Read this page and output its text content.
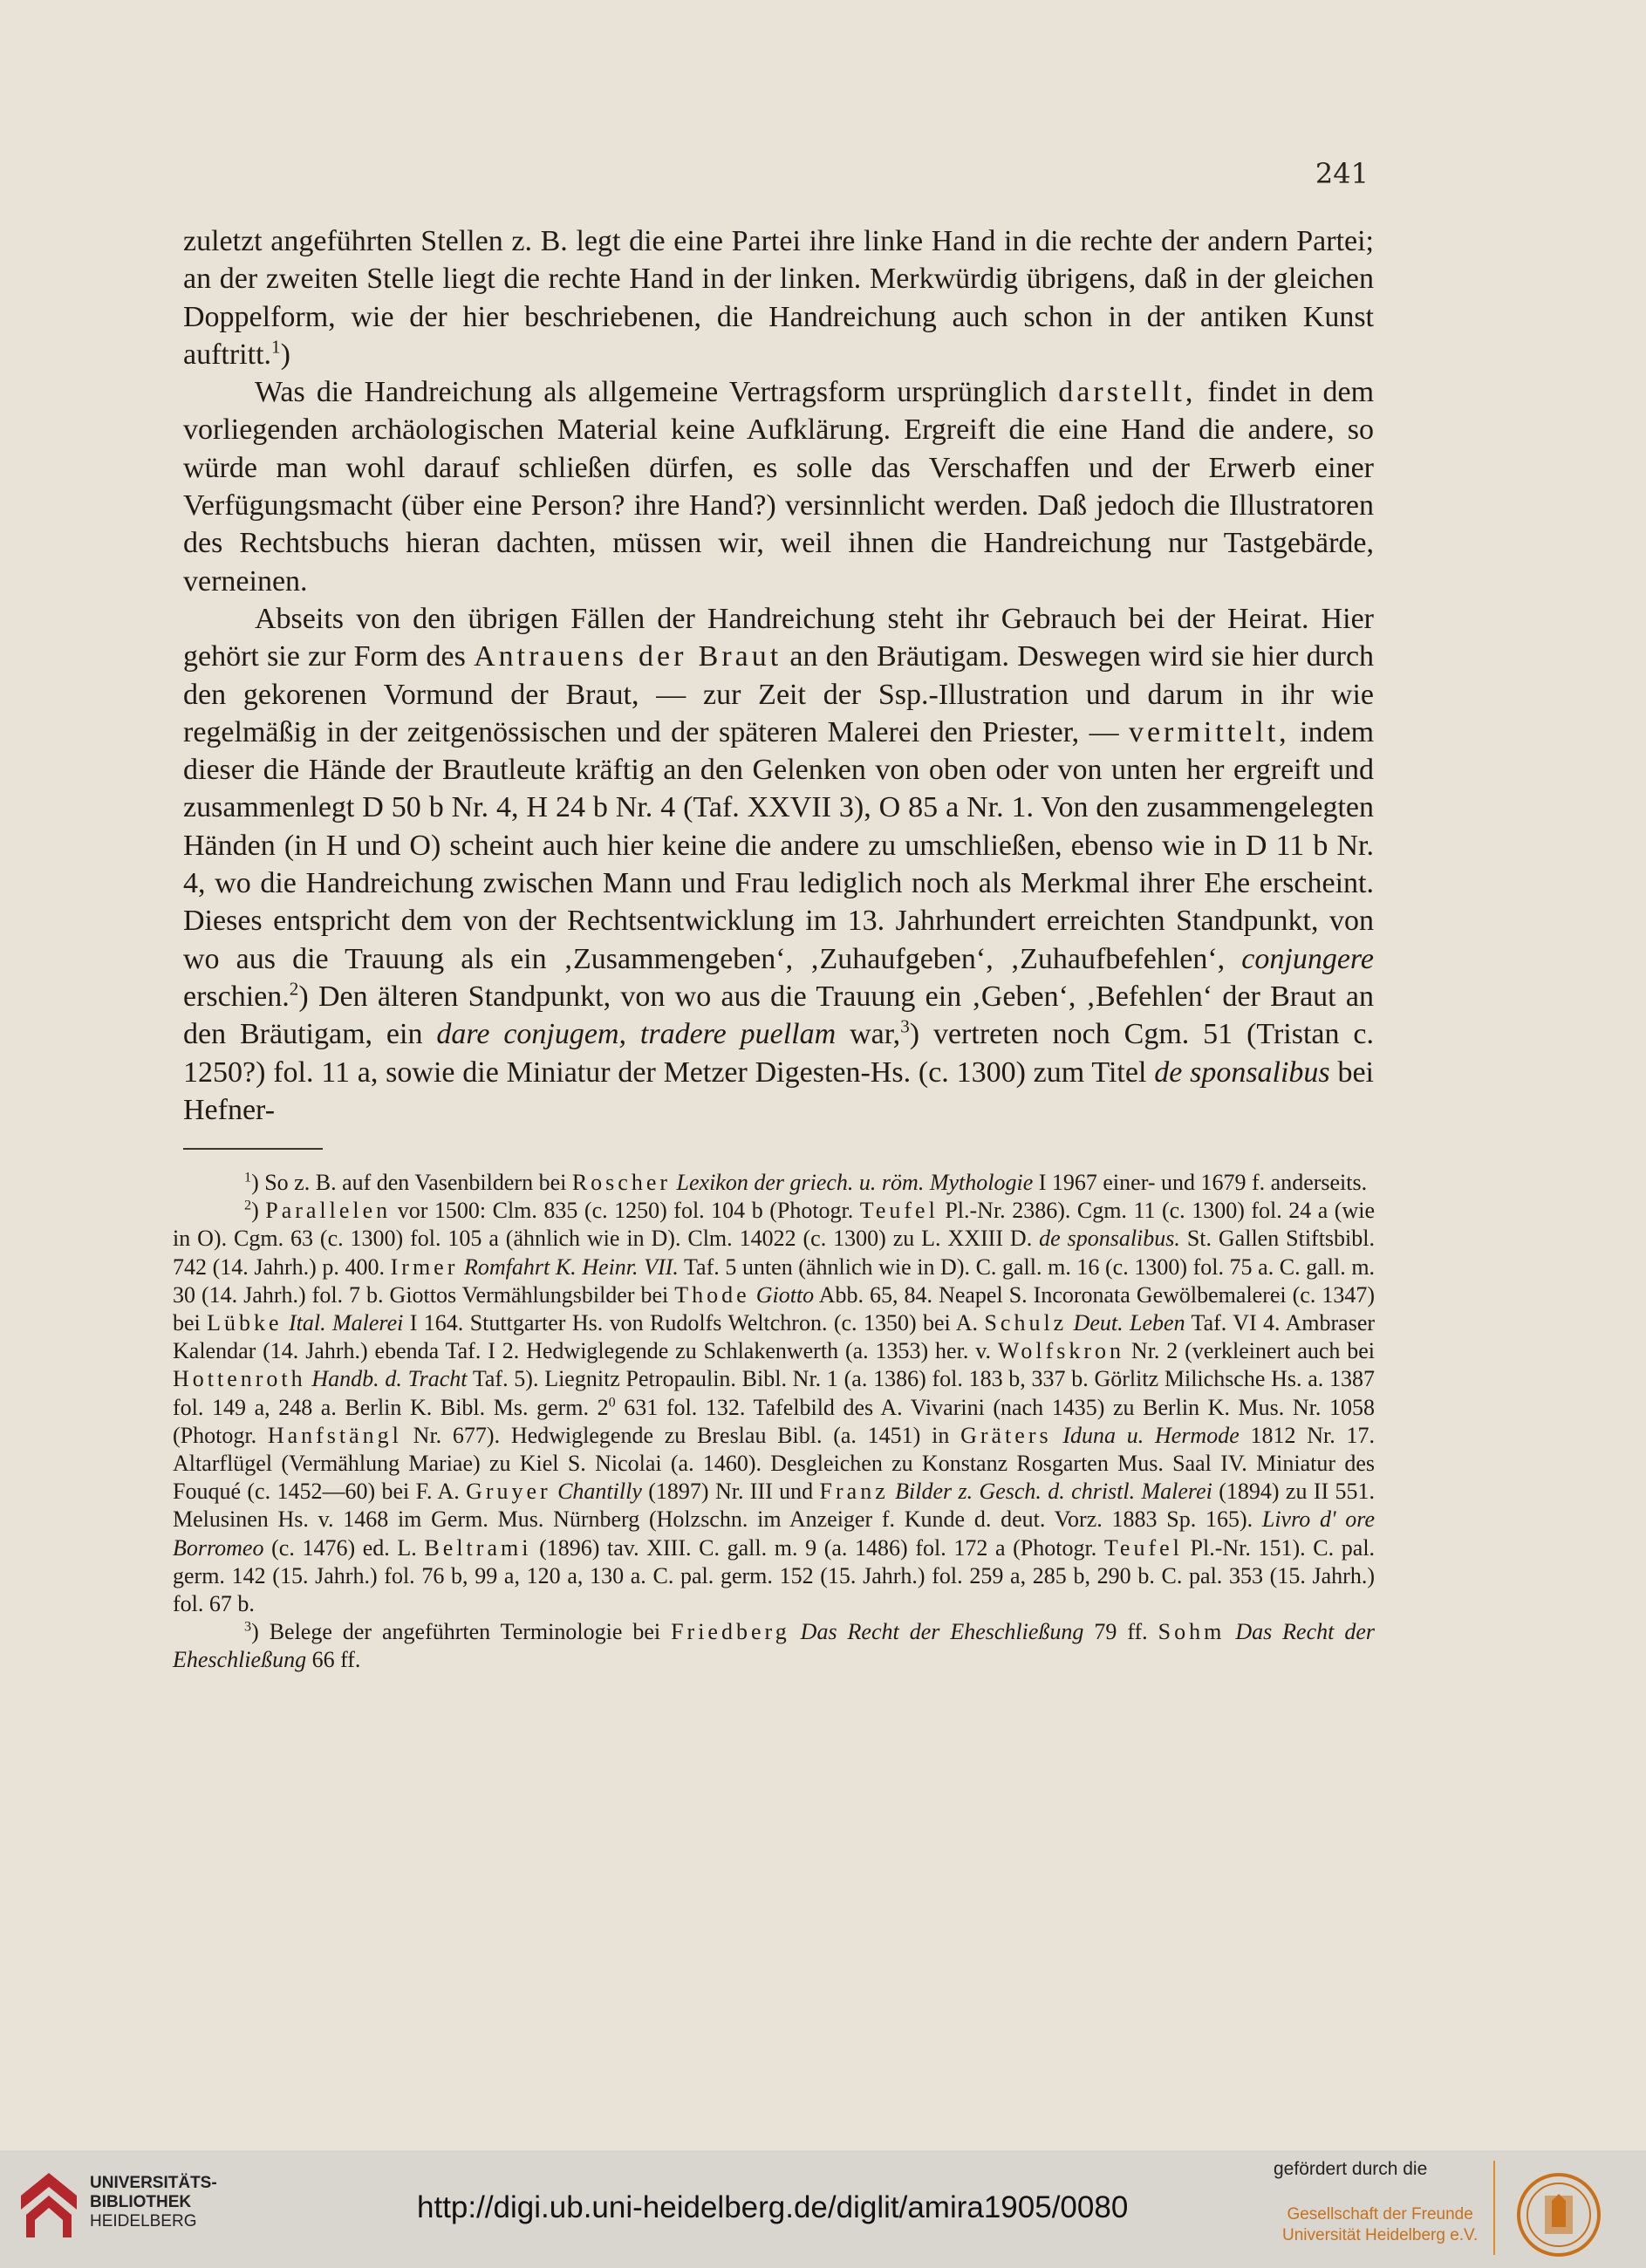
241

zuletzt angeführten Stellen z. B. legt die eine Partei ihre linke Hand in die rechte der andern Partei; an der zweiten Stelle liegt die rechte Hand in der linken. Merkwürdig übrigens, daß in der gleichen Doppelform, wie der hier beschriebenen, die Handreichung auch schon in der antiken Kunst auftritt.$^1$)

Was die Handreichung als allgemeine Vertragsform ursprünglich darstellt, findet in dem vorliegenden archäologischen Material keine Aufklärung. Ergreift die eine Hand die andere, so würde man wohl darauf schließen dürfen, es solle das Verschaffen und der Erwerb einer Verfügungsmacht (über eine Person? ihre Hand?) versinnlicht werden. Daß jedoch die Illustratoren des Rechtsbuchs hieran dachten, müssen wir, weil ihnen die Handreichung nur Tastgebärde, verneinen.

Abseits von den übrigen Fällen der Handreichung steht ihr Gebrauch bei der Heirat. Hier gehört sie zur Form des Antrauens der Braut an den Bräutigam. Deswegen wird sie hier durch den gekorenen Vormund der Braut, — zur Zeit der Ssp.-Illustration und darum in ihr wie regelmäßig in der zeitgenössischen und der späteren Malerei den Priester, — vermittelt, indem dieser die Hände der Brautleute kräftig an den Gelenken von oben oder von unten her ergreift und zusammenlegt D 50 b Nr. 4, H 24 b Nr. 4 (Taf. XXVII 3), O 85 a Nr. 1. Von den zusammengelegten Händen (in H und O) scheint auch hier keine die andere zu umschließen, ebenso wie in D 11 b Nr. 4, wo die Handreichung zwischen Mann und Frau lediglich noch als Merkmal ihrer Ehe erscheint. Dieses entspricht dem von der Rechtsentwicklung im 13. Jahrhundert erreichten Standpunkt, von wo aus die Trauung als ein ‚Zusammengeben‘, ‚Zuhaufgeben‘, ‚Zuhaufbefehlen‘, conjungere erschien.$^2$) Den älteren Standpunkt, von wo aus die Trauung ein ‚Geben‘, ‚Befehlen‘ der Braut an den Bräutigam, ein dare conjugem, tradere puellam war,$^3$) vertreten noch Cgm. 51 (Tristan c. 1250?) fol. 11 a, sowie die Miniatur der Metzer Digesten-Hs. (c. 1300) zum Titel de sponsalibus bei Hefner-

$^1$) So z. B. auf den Vasenbildern bei Roscher Lexikon der griech. u. röm. Mythologie I 1967 einer- und 1679 f. anderseits.

$^2$) Parallelen vor 1500: Clm. 835 (c. 1250) fol. 104 b (Photogr. Teufel Pl.-Nr. 2386). Cgm. 11 (c. 1300) fol. 24 a (wie in O). Cgm. 63 (c. 1300) fol. 105 a (ähnlich wie in D). Clm. 14022 (c. 1300) zu L. XXIII D. de sponsalibus. St. Gallen Stiftsbibl. 742 (14. Jahrh.) p. 400. Irmer Romfahrt K. Heinr. VII. Taf. 5 unten (ähnlich wie in D). C. gall. m. 16 (c. 1300) fol. 75 a. C. gall. m. 30 (14. Jahrh.) fol. 7 b. Giottos Vermählungsbilder bei Thode Giotto Abb. 65, 84. Neapel S. Incoronata Gewölbemalerei (c. 1347) bei Lübke Ital. Malerei I 164. Stuttgarter Hs. von Rudolfs Weltchron. (c. 1350) bei A. Schulz Deut. Leben Taf. VI 4. Ambraser Kalendar (14. Jahrh.) ebenda Taf. I 2. Hedwiglegende zu Schlakenwerth (a. 1353) her. v. Wolfskron Nr. 2 (verkleinert auch bei Hottenroth Handb. d. Tracht Taf. 5). Liegnitz Petropaulin. Bibl. Nr. 1 (a. 1386) fol. 183 b, 337 b. Görlitz Milichsche Hs. a. 1387 fol. 149 a, 248 a. Berlin K. Bibl. Ms. germ. $2^0$ 631 fol. 132. Tafelbild des A. Vivarini (nach 1435) zu Berlin K. Mus. Nr. 1058 (Photogr. Hanfstängl Nr. 677). Hedwiglegende zu Breslau Bibl. (a. 1451) in Gräters Iduna u. Hermode 1812 Nr. 17. Altarflügel (Vermählung Mariae) zu Kiel S. Nicolai (a. 1460). Desgleichen zu Konstanz Rosgarten Mus. Saal IV. Miniatur des Fouqué (c. 1452—60) bei F. A. Gruyer Chantilly (1897) Nr. III und Franz Bilder z. Gesch. d. christl. Malerei (1894) zu II 551. Melusinen Hs. v. 1468 im Germ. Mus. Nürnberg (Holzschn. im Anzeiger f. Kunde d. deut. Vorz. 1883 Sp. 165). Livro d' ore Borromeo (c. 1476) ed. L. Beltrami (1896) tav. XIII. C. gall. m. 9 (a. 1486) fol. 172 a (Photogr. Teufel Pl.-Nr. 151). C. pal. germ. 142 (15. Jahrh.) fol. 76 b, 99 a, 120 a, 130 a. C. pal. germ. 152 (15. Jahrh.) fol. 259 a, 285 b, 290 b. C. pal. 353 (15. Jahrh.) fol. 67 b.

$^3$) Belege der angeführten Terminologie bei Friedberg Das Recht der Eheschließung 79 ff. Sohm Das Recht der Eheschließung 66 ff.

UNIVERSITÄTS-
BIBLIOTHEK
HEIDELBERG	http://digi.ub.uni-heidelberg.de/diglit/amira1905/0080
gefördert durch die
Gesellschaft der Freunde
Universität Heidelberg e.V.
